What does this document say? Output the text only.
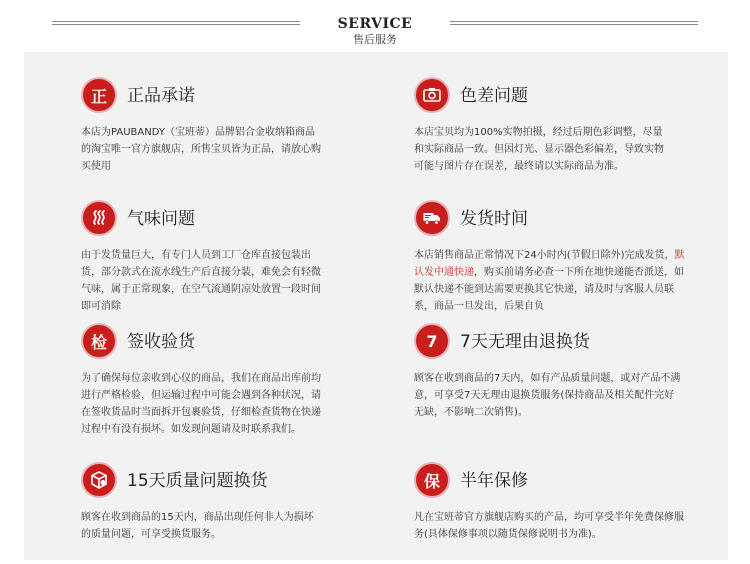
SERVICE
售后服务
正	正品承诺
本店为PAUBANDY（宝班蒂）品牌铝合金收纳箱商品的淘宝唯一官方旗舰店，所售宝贝皆为正品，请放心购买使用
色差问题
本店宝贝均为100%实物拍摄，经过后期色彩调整，尽量和实际商品一致。但因灯光、显示器色彩偏差，导致实物可能与图片存在误差，最终请以实际商品为准。
气味问题
由于发货量巨大，有专门人员到工厂仓库直接包装出货，部分款式在流水线生产后直接分装，难免会有轻微气味，属于正常现象，在空气流通阴凉处放置一段时间即可消除
发货时间
本店销售商品正常情况下24小时内(节假日除外)完成发货，默认发中通快递，购买前请务必查一下所在地快递能否派送，如默认快递不能到达需要更换其它快递，请及时与客服人员联系，商品一旦发出，后果自负
检	签收验货
为了确保每位亲收到心仪的商品，我们在商品出库前均进行严格检验，但运输过程中可能会遇到各种状况，请在签收货品时当面拆开包裹验货，仔细检查货物在快递过程中有没有损坏。如发现问题请及时联系我们。
7	7天无理由退换货
顾客在收到商品的7天内，如有产品质量问题，或对产品不满意，可享受7天无理由退换货服务(保持商品及相关配件完好无缺，不影响二次销售)。
15天质量问题换货
顾客在收到商品的15天内，商品出现任何非人为损坏的质量问题，可享受换货服务。
保	半年保修
凡在宝班蒂官方旗舰店购买的产品，均可享受半年免费保修服务(具体保修事项以随货保修说明书为准)。
